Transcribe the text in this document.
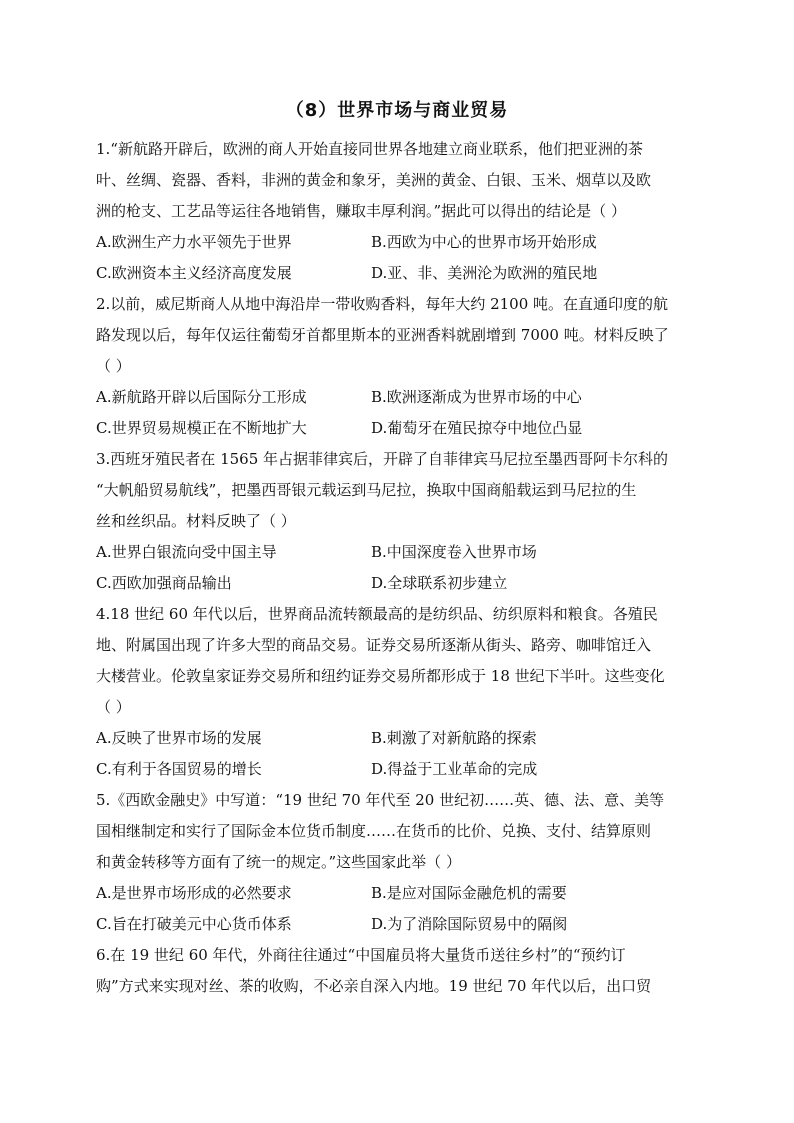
（8）世界市场与商业贸易
1.“新航路开辟后，欧洲的商人开始直接同世界各地建立商业联系，他们把亚洲的茶
叶、丝绸、瓷器、香料，非洲的黄金和象牙，美洲的黄金、白银、玉米、烟草以及欧
洲的枪支、工艺品等运往各地销售，赚取丰厚利润。”据此可以得出的结论是（ ）
A.欧洲生产力水平领先于世界	B.西欧为中心的世界市场开始形成
C.欧洲资本主义经济高度发展	D.亚、非、美洲沦为欧洲的殖民地
2.以前，威尼斯商人从地中海沿岸一带收购香料，每年大约 2100 吨。在直通印度的航
路发现以后，每年仅运往葡萄牙首都里斯本的亚洲香料就剧增到 7000 吨。材料反映了
（ ）
A.新航路开辟以后国际分工形成	B.欧洲逐渐成为世界市场的中心
C.世界贸易规模正在不断地扩大	D.葡萄牙在殖民掠夺中地位凸显
3.西班牙殖民者在 1565 年占据菲律宾后，开辟了自菲律宾马尼拉至墨西哥阿卡尔科的
“大帆船贸易航线”，把墨西哥银元载运到马尼拉，换取中国商船载运到马尼拉的生
丝和丝织品。材料反映了（ ）
A.世界白银流向受中国主导	B.中国深度卷入世界市场
C.西欧加强商品输出	D.全球联系初步建立
4.18 世纪 60 年代以后，世界商品流转额最高的是纺织品、纺织原料和粮食。各殖民
地、附属国出现了许多大型的商品交易。证券交易所逐渐从街头、路旁、咖啡馆迁入
大楼营业。伦敦皇家证券交易所和纽约证券交易所都形成于 18 世纪下半叶。这些变化
（ ）
A.反映了世界市场的发展	B.刺激了对新航路的探索
C.有利于各国贸易的增长	D.得益于工业革命的完成
5.《西欧金融史》中写道：“19 世纪 70 年代至 20 世纪初……英、德、法、意、美等
国相继制定和实行了国际金本位货币制度……在货币的比价、兑换、支付、结算原则
和黄金转移等方面有了统一的规定。”这些国家此举（ ）
A.是世界市场形成的必然要求	B.是应对国际金融危机的需要
C.旨在打破美元中心货币体系	D.为了消除国际贸易中的隔阂
6.在 19 世纪 60 年代，外商往往通过“中国雇员将大量货币送往乡村”的“预约订
购”方式来实现对丝、茶的收购，不必亲自深入内地。19 世纪 70 年代以后，出口贸
